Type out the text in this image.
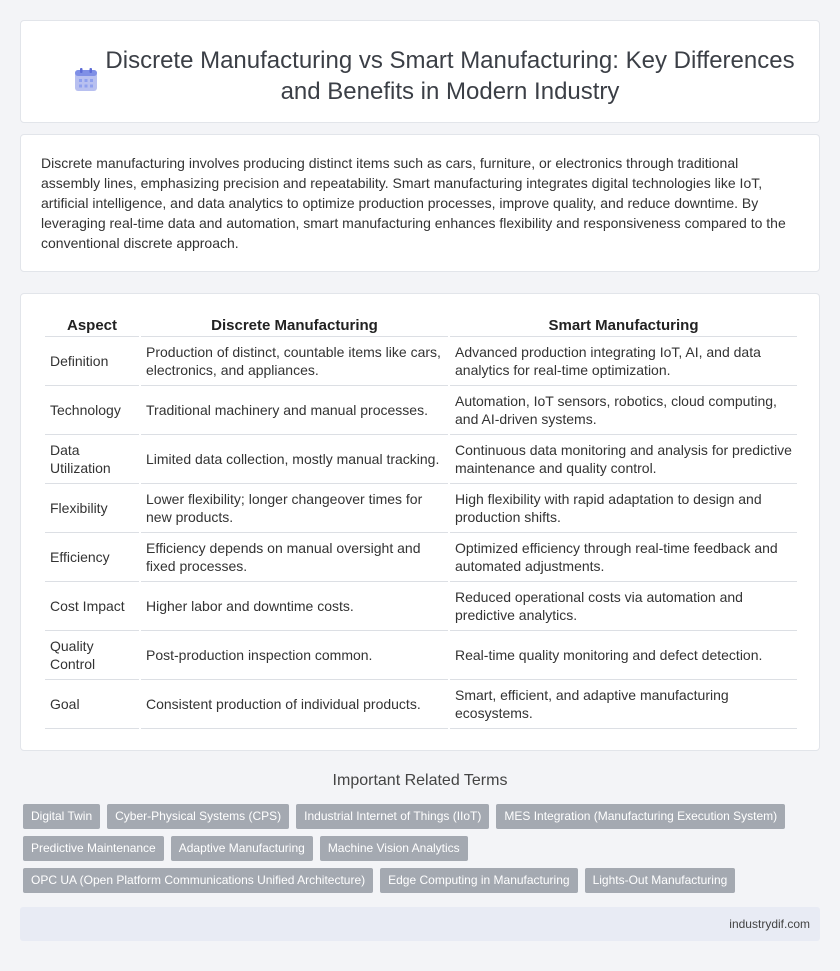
Discrete Manufacturing vs Smart Manufacturing: Key Differences
and Benefits in Modern Industry

Discrete manufacturing involves producing distinct items such as cars, furniture, or electronics through traditional assembly lines, emphasizing precision and repeatability. Smart manufacturing integrates digital technologies like IoT, artificial intelligence, and data analytics to optimize production processes, improve quality, and reduce downtime. By leveraging real-time data and automation, smart manufacturing enhances flexibility and responsiveness compared to the conventional discrete approach.

Aspect	Discrete Manufacturing	Smart Manufacturing
Definition	Production of distinct, countable items like cars, electronics, and appliances.	Advanced production integrating IoT, AI, and data analytics for real-time optimization.
Technology	Traditional machinery and manual processes.	Automation, IoT sensors, robotics, cloud computing, and AI-driven systems.
Data Utilization	Limited data collection, mostly manual tracking.	Continuous data monitoring and analysis for predictive maintenance and quality control.
Flexibility	Lower flexibility; longer changeover times for new products.	High flexibility with rapid adaptation to design and production shifts.
Efficiency	Efficiency depends on manual oversight and fixed processes.	Optimized efficiency through real-time feedback and automated adjustments.
Cost Impact	Higher labor and downtime costs.	Reduced operational costs via automation and predictive analytics.
Quality Control	Post-production inspection common.	Real-time quality monitoring and defect detection.
Goal	Consistent production of individual products.	Smart, efficient, and adaptive manufacturing ecosystems.
Important Related Terms
Digital Twin	Cyber-Physical Systems (CPS)	Industrial Internet of Things (IIoT)	MES Integration (Manufacturing Execution System)
Predictive Maintenance	Adaptive Manufacturing	Machine Vision Analytics
OPC UA (Open Platform Communications Unified Architecture)	Edge Computing in Manufacturing	Lights-Out Manufacturing
industrydif.com
